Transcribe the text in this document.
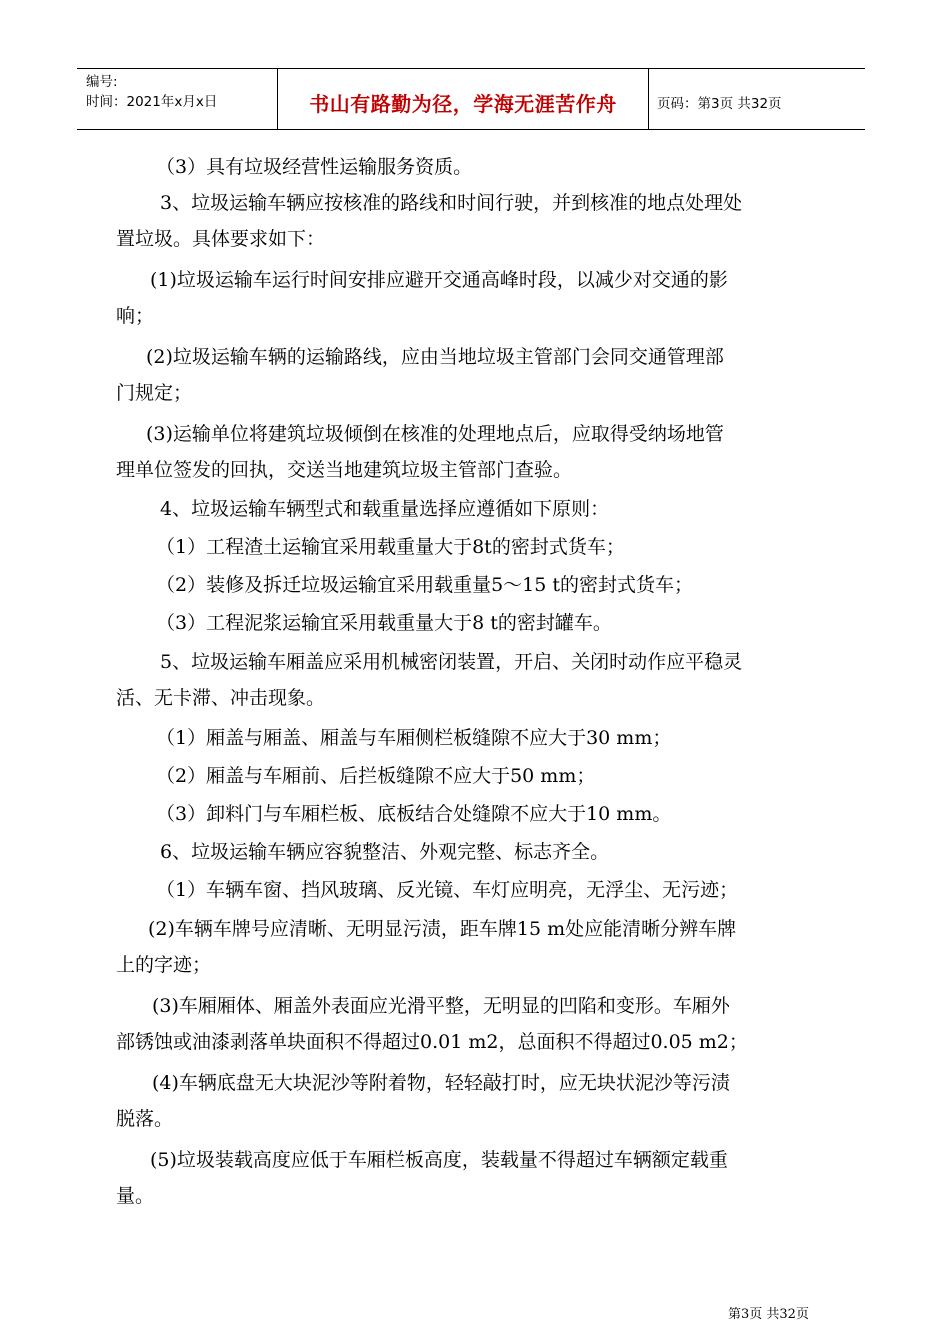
编号:
时间：2021年x月x日	书山有路勤为径，学海无涯苦作舟	页码：第3页 共32页
（3）具有垃圾经营性运输服务资质。
3、垃圾运输车辆应按核准的路线和时间行驶，并到核准的地点处理处
置垃圾。具体要求如下：
(1)垃圾运输车运行时间安排应避开交通高峰时段，以减少对交通的影
响；
(2)垃圾运输车辆的运输路线，应由当地垃圾主管部门会同交通管理部
门规定；
(3)运输单位将建筑垃圾倾倒在核准的处理地点后，应取得受纳场地管
理单位签发的回执，交送当地建筑垃圾主管部门查验。
4、垃圾运输车辆型式和载重量选择应遵循如下原则：
（1）工程渣土运输宜采用载重量大于8t的密封式货车；
（2）装修及拆迁垃圾运输宜采用载重量5～15 t的密封式货车；
（3）工程泥浆运输宜采用载重量大于8 t的密封罐车。
5、垃圾运输车厢盖应采用机械密闭装置，开启、关闭时动作应平稳灵
活、无卡滞、冲击现象。
（1）厢盖与厢盖、厢盖与车厢侧栏板缝隙不应大于30 mm；
（2）厢盖与车厢前、后拦板缝隙不应大于50 mm；
（3）卸料门与车厢栏板、底板结合处缝隙不应大于10 mm。
6、垃圾运输车辆应容貌整洁、外观完整、标志齐全。
（1）车辆车窗、挡风玻璃、反光镜、车灯应明亮，无浮尘、无污迹；
(2)车辆车牌号应清晰、无明显污渍，距车牌15 m处应能清晰分辨车牌
上的字迹；
(3)车厢厢体、厢盖外表面应光滑平整，无明显的凹陷和变形。车厢外
部锈蚀或油漆剥落单块面积不得超过0.01 m2，总面积不得超过0.05 m2；
(4)车辆底盘无大块泥沙等附着物，轻轻敲打时，应无块状泥沙等污渍
脱落。
(5)垃圾装载高度应低于车厢栏板高度，装载量不得超过车辆额定载重
量。
第3页 共32页
